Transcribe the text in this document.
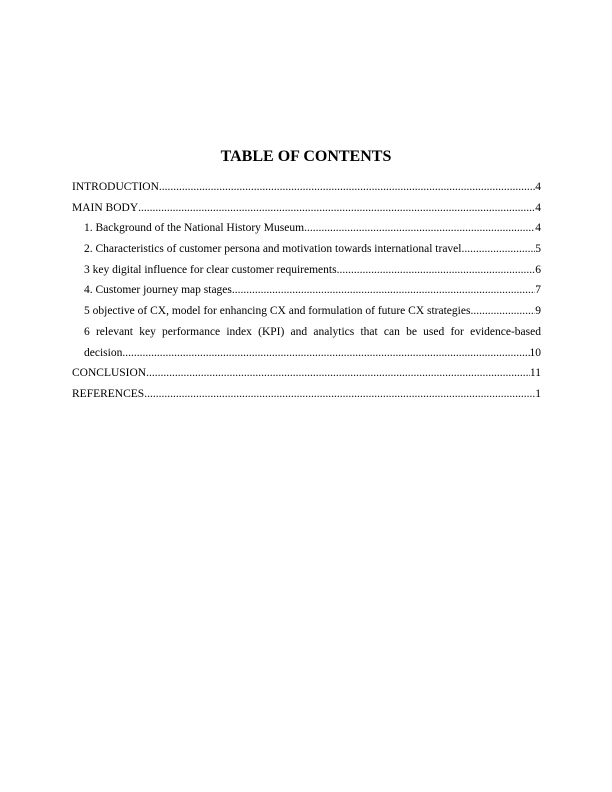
TABLE OF CONTENTS
INTRODUCTION .....	4
MAIN BODY .....	4
1. Background of the National History Museum .....	4
2. Characteristics of customer persona and motivation towards international travel .....	5
3 key digital influence for clear customer requirements .....	6
4. Customer journey map stages .....	7
5 objective of CX, model for enhancing CX and formulation of future CX strategies .....	9
6 relevant key performance index (KPI) and analytics that can be used for evidence-based
decision .....	10
CONCLUSION .....	11
REFERENCES .....	1
